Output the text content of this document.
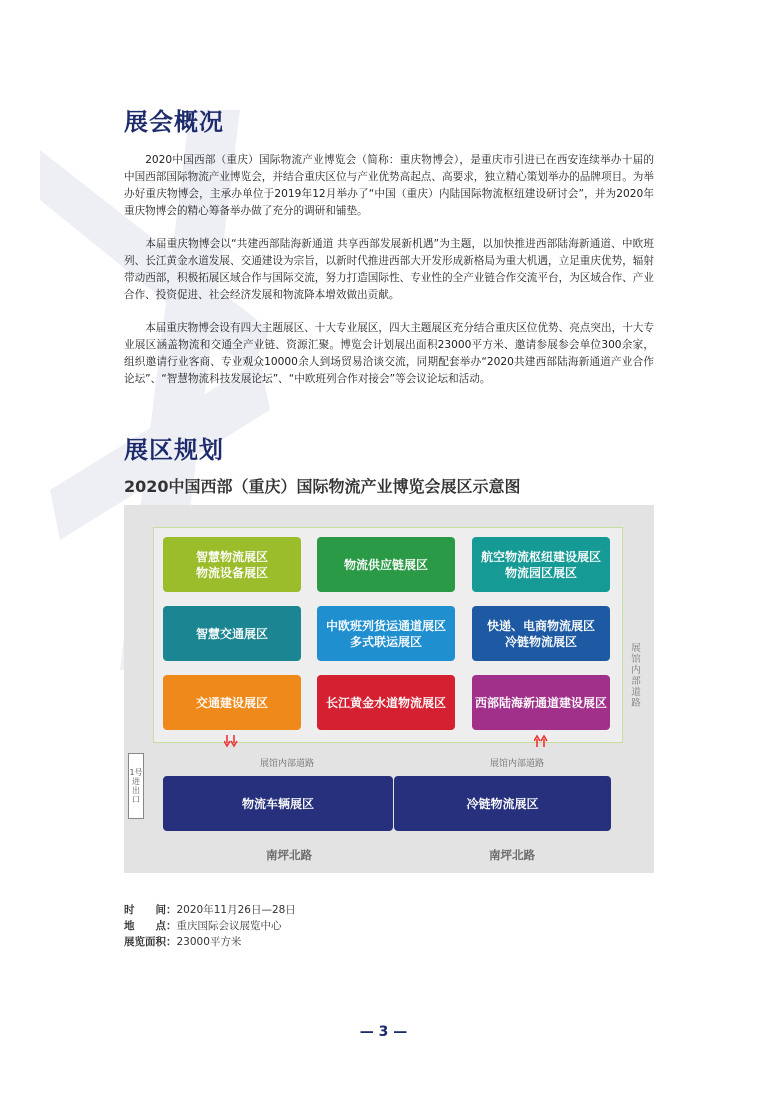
展会概况

2020中国西部（重庆）国际物流产业博览会（简称：重庆物博会），是重庆市引进已在西安连续举办十届的中国西部国际物流产业博览会，并结合重庆区位与产业优势高起点、高要求，独立精心策划举办的品牌项目。为举办好重庆物博会，主承办单位于2019年12月举办了“中国（重庆）内陆国际物流枢纽建设研讨会”，并为2020年重庆物博会的精心筹备举办做了充分的调研和铺垫。

本届重庆物博会以“共建西部陆海新通道 共享西部发展新机遇”为主题，以加快推进西部陆海新通道、中欧班列、长江黄金水道发展、交通建设为宗旨，以新时代推进西部大开发形成新格局为重大机遇，立足重庆优势，辐射带动西部，积极拓展区域合作与国际交流，努力打造国际性、专业性的全产业链合作交流平台，为区域合作、产业合作、投资促进、社会经济发展和物流降本增效做出贡献。

本届重庆物博会设有四大主题展区、十大专业展区，四大主题展区充分结合重庆区位优势、亮点突出，十大专业展区涵盖物流和交通全产业链、资源汇聚。博览会计划展出面积23000平方米、邀请参展参会单位300余家，组织邀请行业客商、专业观众10000余人到场贸易洽谈交流，同期配套举办“2020共建西部陆海新通道产业合作论坛”、“智慧物流科技发展论坛”、“中欧班列合作对接会”等会议论坛和活动。

展区规划
2020中国西部（重庆）国际物流产业博览会展区示意图
智慧物流展区
物流设备展区
物流供应链展区
航空物流枢纽建设展区
物流园区展区
智慧交通展区
中欧班列货运通道展区
多式联运展区
快递、电商物流展区
冷链物流展区
交通建设展区	长江黄金水道物流展区 西部陆海新通道建设展区
展馆内部道路	展馆内部道路
展馆内部道路
1号进出口	物流车辆展区	冷链物流展区
南坪北路	南坪北路
时　　间： 2020年11月26日—28日
地　　点： 重庆国际会议展览中心
展览面积： 23000平方米
— 3 —
